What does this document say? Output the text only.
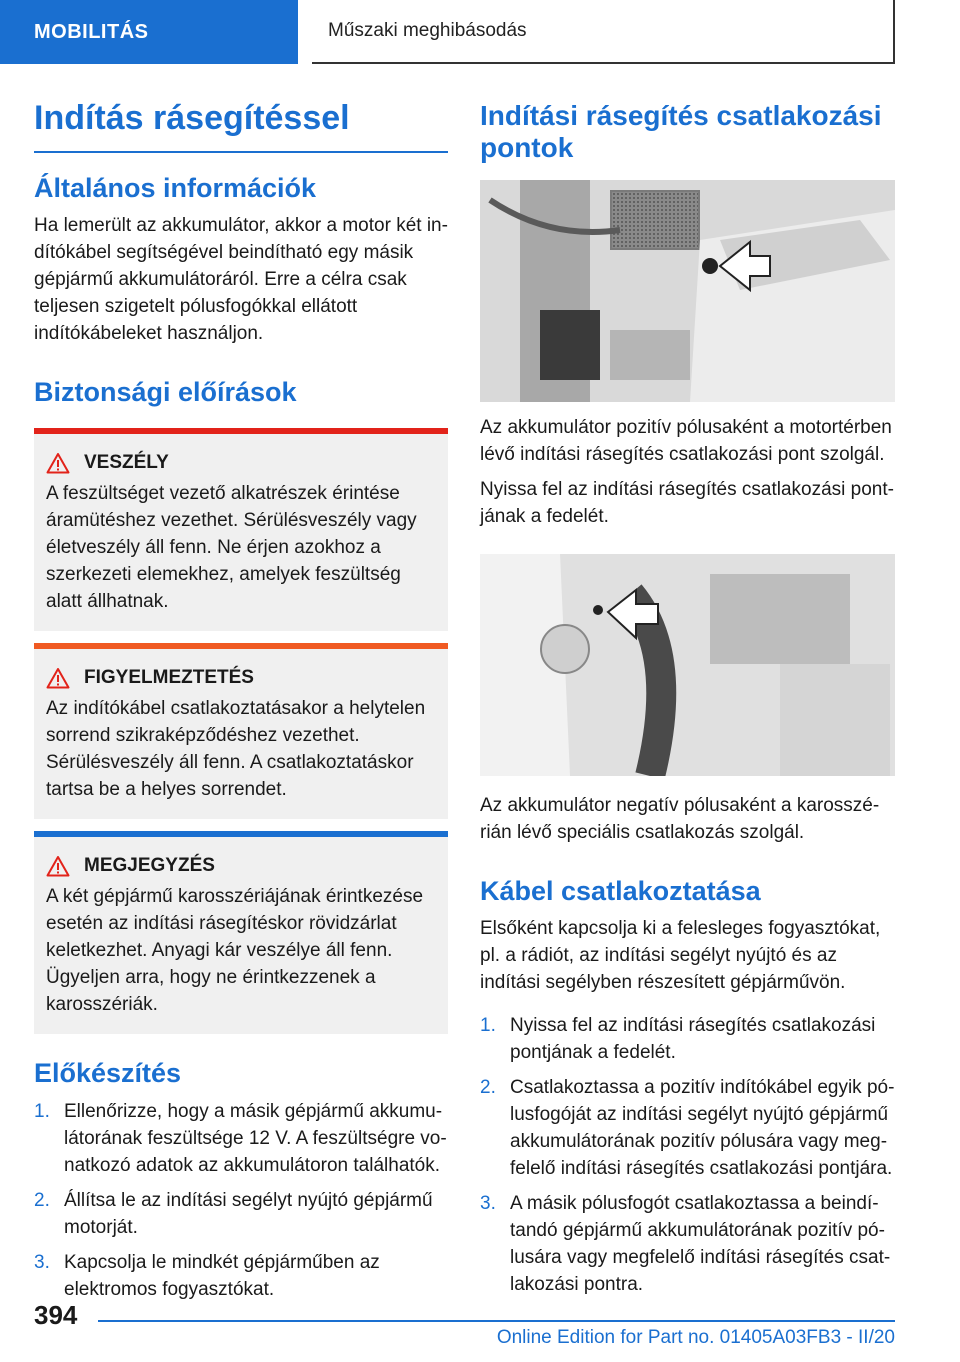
MOBILITÁS	Műszaki meghibásodás
Indítás rásegítéssel
Általános információk

Ha lemerült az akkumulátor, akkor a motor két indítókábel segítségével beindítható egy másik gépjármű akkumulátoráról. Erre a célra csak teljesen szigetelt pólusfogókkal ellátott indítókábeleket használjon.

Biztonsági előírások
VESZÉLY

A feszültséget vezető alkatrészek érintése áramütéshez vezethet. Sérülésveszély vagy életveszély áll fenn. Ne érjen azokhoz a szerkezeti elemekhez, amelyek feszültség alatt állhatnak.

FIGYELMEZTETÉS

Az indítókábel csatlakoztatásakor a helytelen sorrend szikraképződéshez vezethet. Sérülésveszély áll fenn. A csatlakoztatáskor tartsa be a helyes sorrendet.

MEGJEGYZÉS

A két gépjármű karosszériájának érintkezése esetén az indítási rásegítéskor rövidzárlat keletkezhet. Anyagi kár veszélye áll fenn. Ügyeljen arra, hogy ne érintkezzenek a karosszériák.

Előkészítés
1. Ellenőrizze, hogy a másik gépjármű akkumulátorának feszültsége 12 V. A feszültségre vonatkozó adatok az akkumulátoron találhatók.
2. Állítsa le az indítási segélyt nyújtó gépjármű motorját.
3. Kapcsolja le mindkét gépjárműben az elektromos fogyasztókat.
Indítási rásegítés csatlakozási pontok

Az akkumulátor pozitív pólusaként a motortérben lévő indítási rásegítés csatlakozási pont szolgál.

Nyissa fel az indítási rásegítés csatlakozási pontjának a fedelét.

Az akkumulátor negatív pólusaként a karosszérián lévő speciális csatlakozás szolgál.

Kábel csatlakoztatása

Elsőként kapcsolja ki a felesleges fogyasztókat, pl. a rádiót, az indítási segélyt nyújtó és az indítási segélyben részesített gépjárművön.

1. Nyissa fel az indítási rásegítés csatlakozási pontjának a fedelét.
2. Csatlakoztassa a pozitív indítókábel egyik pólusfogóját az indítási segélyt nyújtó gépjármű akkumulátorának pozitív pólusára vagy megfelelő indítási rásegítés csatlakozási pontjára.
3. A másik pólusfogót csatlakoztassa a beindítandó gépjármű akkumulátorának pozitív pólusára vagy megfelelő indítási rásegítés csatlakozási pontra.
394
Online Edition for Part no. 01405A03FB3 - II/20
